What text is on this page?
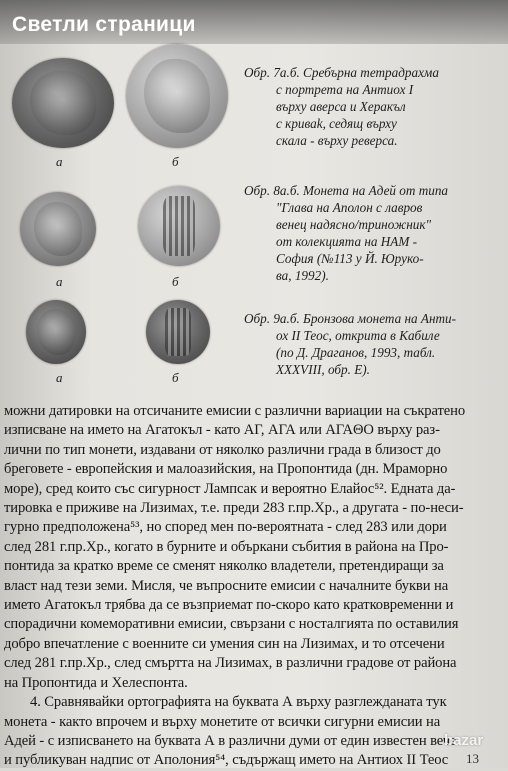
Светли страници
а	б
Обр. 7а.б. Сребърна тетрадрахма
с портрета на Антиох I
върху аверса и Херакъл
с криваk, седящ върху
скала - върху реверса.
а	б
Обр. 8а.б. Монета на Адей от типа
"Глава на Аполон с лавров
венец надясно/триножник"
от колекцията на НАМ -
София (№113 у Й. Юруко-
ва, 1992).
а	б
Обр. 9а.б. Бронзова монета на Анти-
ох II Теос, открита в Кабиле
(по Д. Драганов, 1993, табл.
XXXVIII, обр. Е).
можни датировки на отсичаните емисии с различни вариации на съкратено
изписване на името на Агатокъл - като АГ, АГА или АГАΘО върху раз-
лични по тип монети, издавани от няколко различни града в близост до
бреговете - европейския и малоазийския, на Пропонтида (дн. Мраморно
море), сред които със сигурност Лампсак и вероятно Елайос⁵². Едната да-
тировка е приживе на Лизимах, т.е. преди 283 г.пр.Хр., а другата - по-неси-
гурно предположена⁵³, но според мен по-вероятната - след 283 или дори
след 281 г.пр.Хр., когато в бурните и объркани събития в района на Про-
понтида за кратко време се сменят няколко владетели, претендиращи за
власт над тези земи. Мисля, че въпросните емисии с началните букви на
името Агатокъл трябва да се възприемат по-скоро като кратковременни и
спорадични комеморативни емисии, свързани с носталгията по оставилия
добро впечатление с военните си умения син на Лизимах, и то отсечени
след 281 г.пр.Хр., след смъртта на Лизимах, в различни градове от района
на Пропонтида и Хелеспонта.
4. Сравнявайки ортографията на буквата А върху разглежданата тук
монета - както впрочем и върху монетите от всички сигурни емисии на
Адей - с изписването на буквата А в различни думи от един известен вече
и публикуван надпис от Аполония⁵⁴, съдържащ името на Антиох II Теос	13
bazar
